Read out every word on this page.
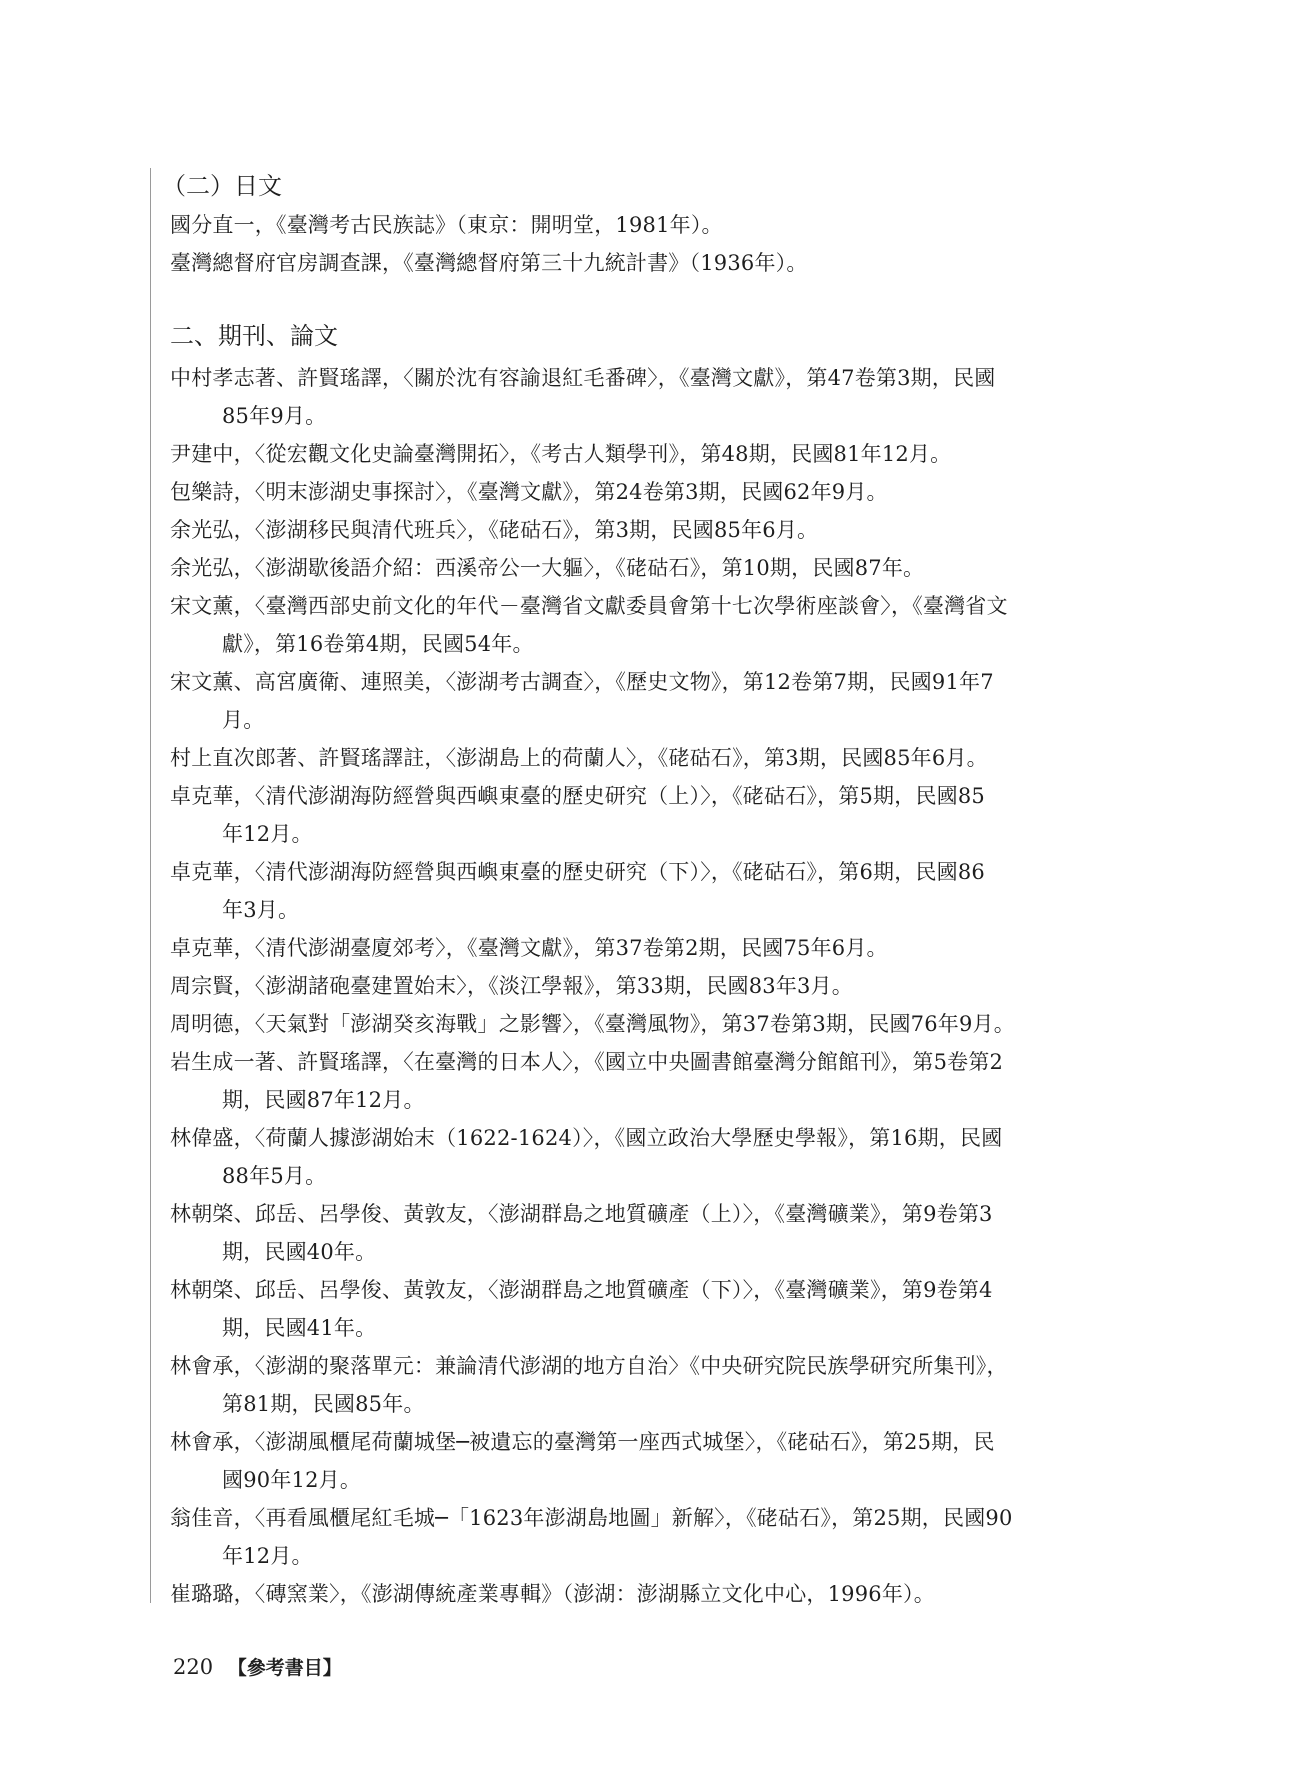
（二）日文
國分直一，《臺灣考古民族誌》（東京：開明堂，1981年）。
臺灣總督府官房調查課，《臺灣總督府第三十九統計書》（1936年）。
二、期刊、論文
中村孝志著、許賢瑤譯，〈關於沈有容諭退紅毛番碑〉，《臺灣文獻》，第47卷第3期，民國
85年9月。
尹建中，〈從宏觀文化史論臺灣開拓〉，《考古人類學刊》，第48期，民國81年12月。
包樂詩，〈明末澎湖史事探討〉，《臺灣文獻》，第24卷第3期，民國62年9月。
余光弘，〈澎湖移民與清代班兵〉，《硓𥑮石》，第3期，民國85年6月。
余光弘，〈澎湖歇後語介紹：西溪帝公一大軀〉，《硓𥑮石》，第10期，民國87年。
宋文薰，〈臺灣西部史前文化的年代－臺灣省文獻委員會第十七次學術座談會〉，《臺灣省文
獻》，第16卷第4期，民國54年。
宋文薰、高宮廣衛、連照美，〈澎湖考古調查〉，《歷史文物》，第12卷第7期，民國91年7
月。
村上直次郎著、許賢瑤譯註，〈澎湖島上的荷蘭人〉，《硓𥑮石》，第3期，民國85年6月。
卓克華，〈清代澎湖海防經營與西嶼東臺的歷史研究（上）〉，《硓𥑮石》，第5期，民國85
年12月。
卓克華，〈清代澎湖海防經營與西嶼東臺的歷史研究（下）〉，《硓𥑮石》，第6期，民國86
年3月。
卓克華，〈清代澎湖臺廈郊考〉，《臺灣文獻》，第37卷第2期，民國75年6月。
周宗賢，〈澎湖諸砲臺建置始末〉，《淡江學報》，第33期，民國83年3月。
周明德，〈天氣對「澎湖癸亥海戰」之影響〉，《臺灣風物》，第37卷第3期，民國76年9月。
岩生成一著、許賢瑤譯，〈在臺灣的日本人〉，《國立中央圖書館臺灣分館館刊》，第5卷第2
期，民國87年12月。
林偉盛，〈荷蘭人據澎湖始末（1622-1624）〉，《國立政治大學歷史學報》，第16期，民國
88年5月。
林朝棨、邱岳、呂學俊、黃敦友，〈澎湖群島之地質礦產（上）〉，《臺灣礦業》，第9卷第3
期，民國40年。
林朝棨、邱岳、呂學俊、黃敦友，〈澎湖群島之地質礦產（下）〉，《臺灣礦業》，第9卷第4
期，民國41年。
林會承，〈澎湖的聚落單元：兼論清代澎湖的地方自治〉《中央研究院民族學研究所集刊》，
第81期，民國85年。
林會承，〈澎湖風櫃尾荷蘭城堡─被遺忘的臺灣第一座西式城堡〉，《硓𥑮石》，第25期，民
國90年12月。
翁佳音，〈再看風櫃尾紅毛城─「1623年澎湖島地圖」新解〉，《硓𥑮石》，第25期，民國90
年12月。
崔璐璐，〈磚窯業〉，《澎湖傳統產業專輯》（澎湖：澎湖縣立文化中心，1996年）。
220 【參考書目】
